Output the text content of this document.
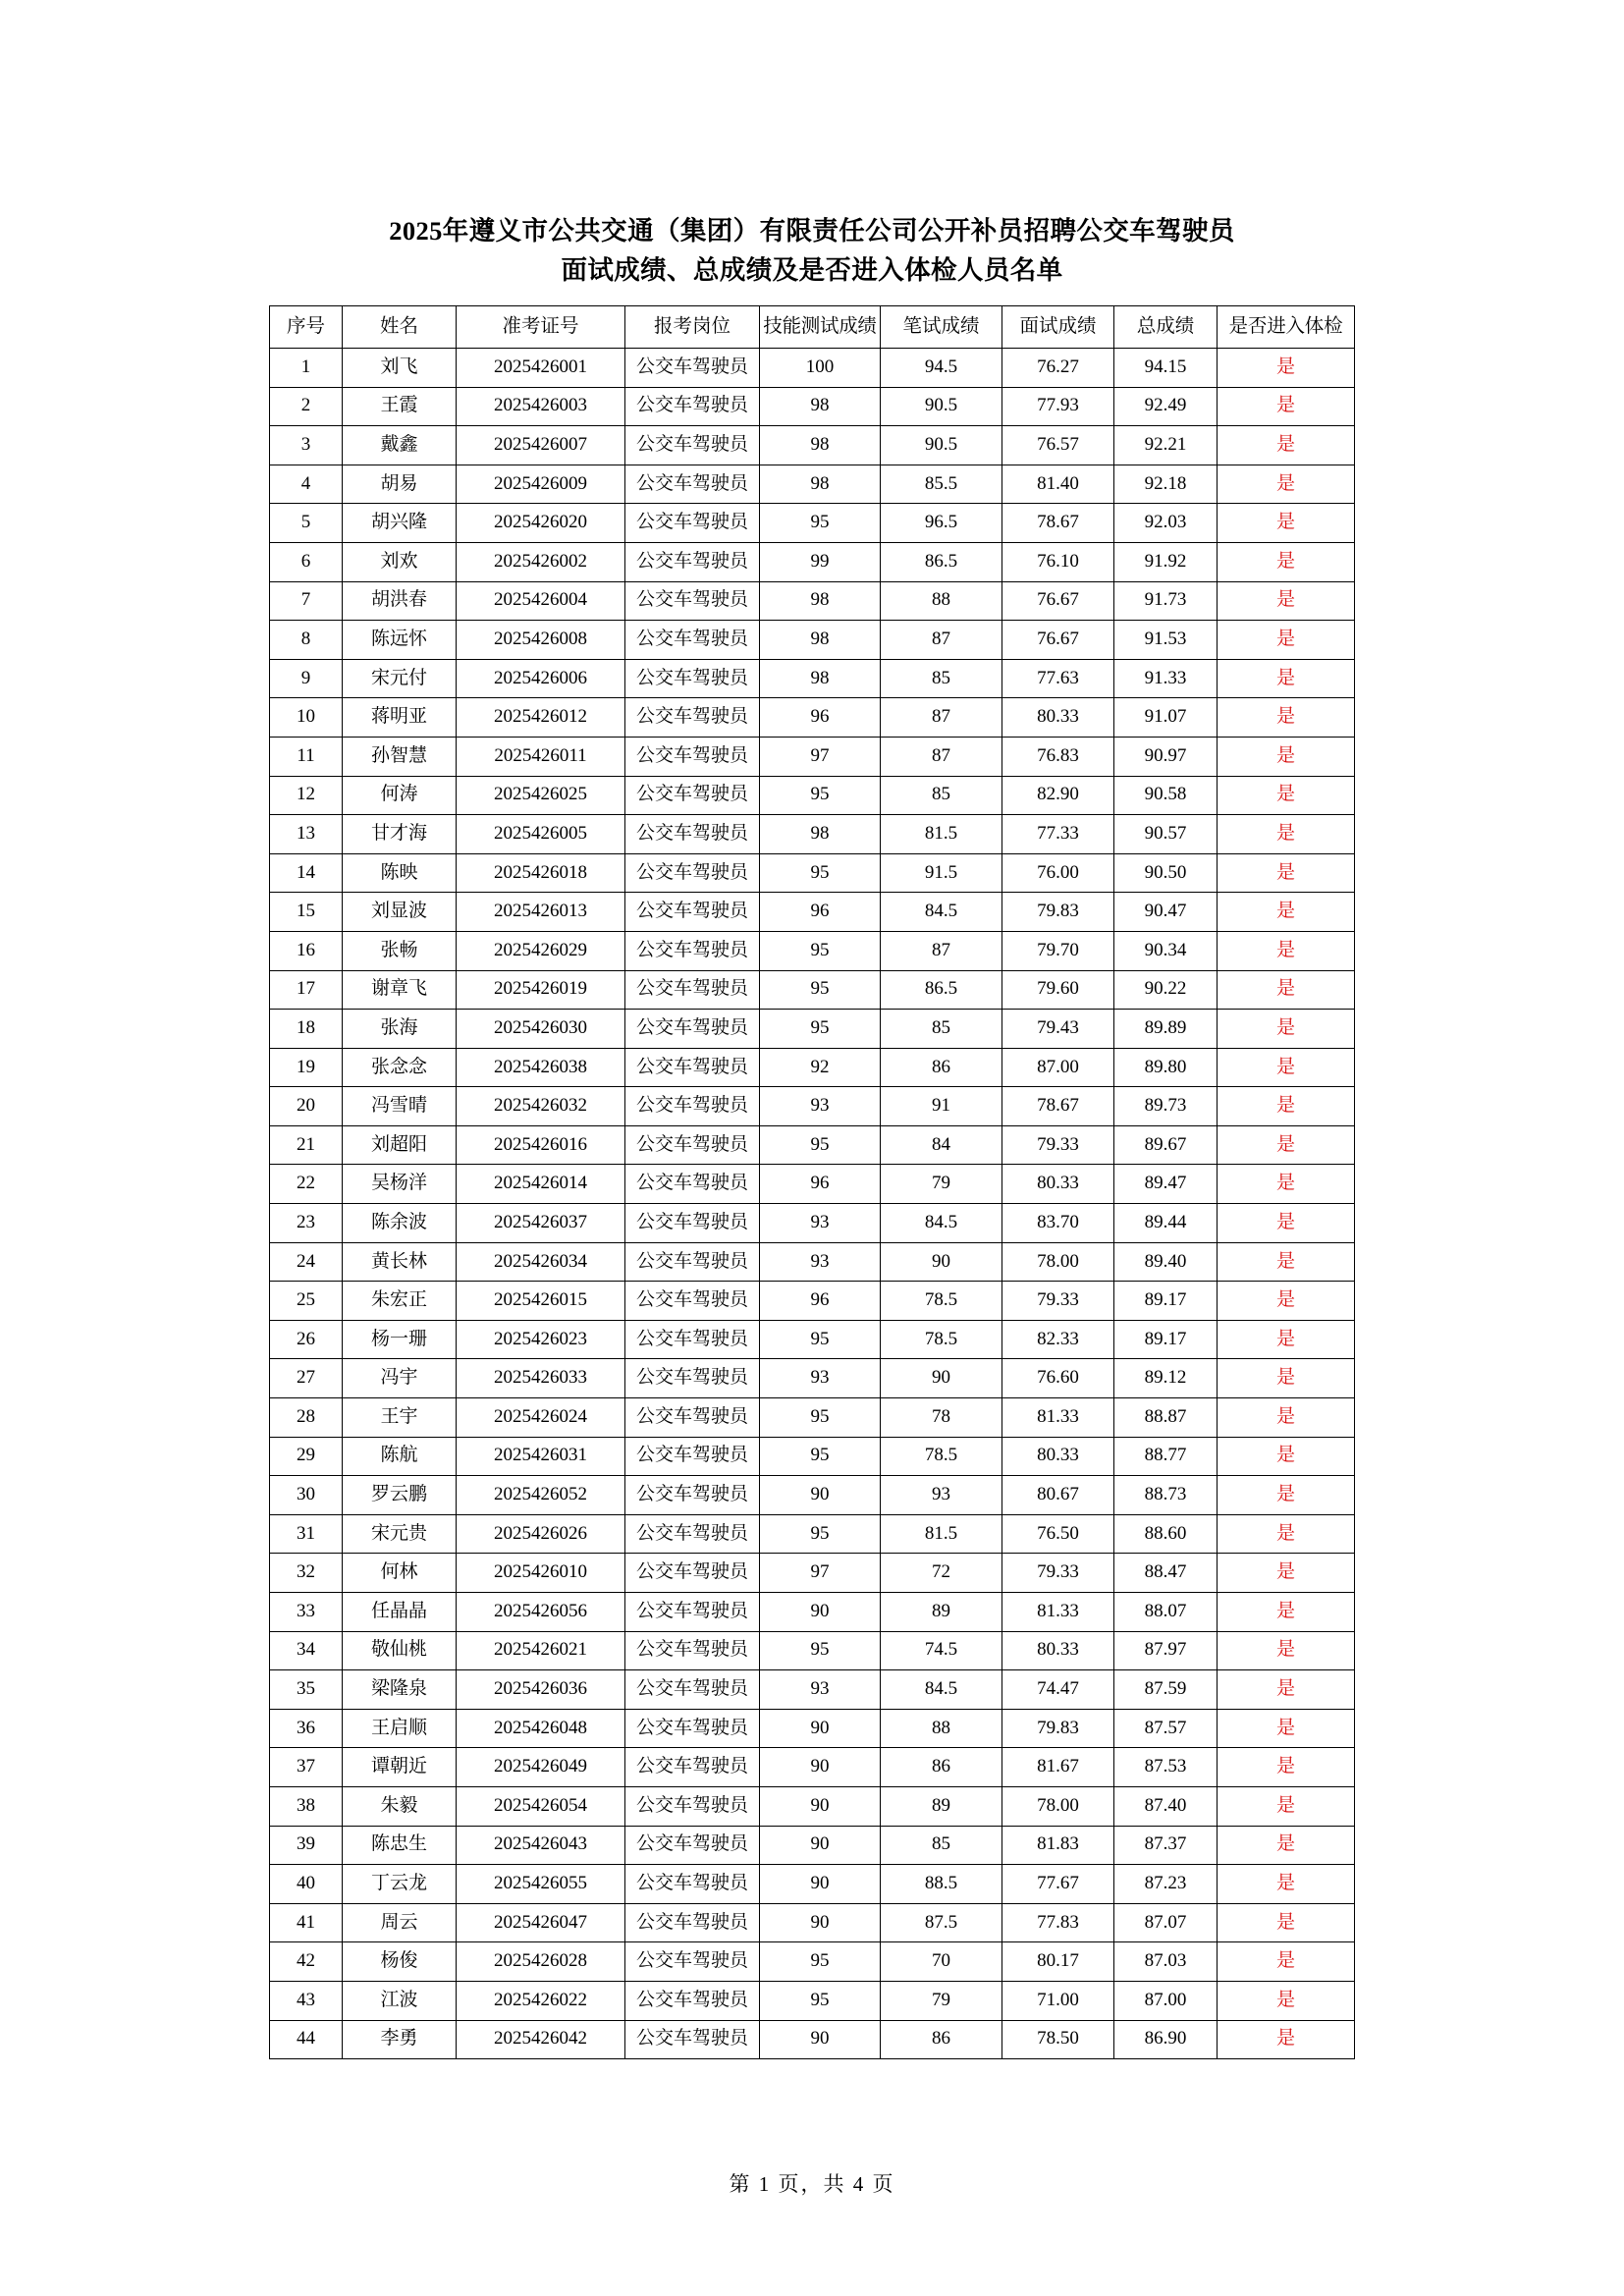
2025年遵义市公共交通（集团）有限责任公司公开补员招聘公交车驾驶员
面试成绩、总成绩及是否进入体检人员名单
序号	姓名	准考证号	报考岗位	技能测试成绩	笔试成绩	面试成绩	总成绩	是否进入体检
1	刘飞	2025426001	公交车驾驶员	100	94.5	76.27	94.15	是
2	王霞	2025426003	公交车驾驶员	98	90.5	77.93	92.49	是
3	戴鑫	2025426007	公交车驾驶员	98	90.5	76.57	92.21	是
4	胡易	2025426009	公交车驾驶员	98	85.5	81.40	92.18	是
5	胡兴隆	2025426020	公交车驾驶员	95	96.5	78.67	92.03	是
6	刘欢	2025426002	公交车驾驶员	99	86.5	76.10	91.92	是
7	胡洪春	2025426004	公交车驾驶员	98	88	76.67	91.73	是
8	陈远怀	2025426008	公交车驾驶员	98	87	76.67	91.53	是
9	宋元付	2025426006	公交车驾驶员	98	85	77.63	91.33	是
10	蒋明亚	2025426012	公交车驾驶员	96	87	80.33	91.07	是
11	孙智慧	2025426011	公交车驾驶员	97	87	76.83	90.97	是
12	何涛	2025426025	公交车驾驶员	95	85	82.90	90.58	是
13	甘才海	2025426005	公交车驾驶员	98	81.5	77.33	90.57	是
14	陈映	2025426018	公交车驾驶员	95	91.5	76.00	90.50	是
15	刘显波	2025426013	公交车驾驶员	96	84.5	79.83	90.47	是
16	张畅	2025426029	公交车驾驶员	95	87	79.70	90.34	是
17	谢章飞	2025426019	公交车驾驶员	95	86.5	79.60	90.22	是
18	张海	2025426030	公交车驾驶员	95	85	79.43	89.89	是
19	张念念	2025426038	公交车驾驶员	92	86	87.00	89.80	是
20	冯雪晴	2025426032	公交车驾驶员	93	91	78.67	89.73	是
21	刘超阳	2025426016	公交车驾驶员	95	84	79.33	89.67	是
22	吴杨洋	2025426014	公交车驾驶员	96	79	80.33	89.47	是
23	陈余波	2025426037	公交车驾驶员	93	84.5	83.70	89.44	是
24	黄长林	2025426034	公交车驾驶员	93	90	78.00	89.40	是
25	朱宏正	2025426015	公交车驾驶员	96	78.5	79.33	89.17	是
26	杨一珊	2025426023	公交车驾驶员	95	78.5	82.33	89.17	是
27	冯宇	2025426033	公交车驾驶员	93	90	76.60	89.12	是
28	王宇	2025426024	公交车驾驶员	95	78	81.33	88.87	是
29	陈航	2025426031	公交车驾驶员	95	78.5	80.33	88.77	是
30	罗云鹏	2025426052	公交车驾驶员	90	93	80.67	88.73	是
31	宋元贵	2025426026	公交车驾驶员	95	81.5	76.50	88.60	是
32	何林	2025426010	公交车驾驶员	97	72	79.33	88.47	是
33	任晶晶	2025426056	公交车驾驶员	90	89	81.33	88.07	是
34	敬仙桃	2025426021	公交车驾驶员	95	74.5	80.33	87.97	是
35	梁隆泉	2025426036	公交车驾驶员	93	84.5	74.47	87.59	是
36	王启顺	2025426048	公交车驾驶员	90	88	79.83	87.57	是
37	谭朝近	2025426049	公交车驾驶员	90	86	81.67	87.53	是
38	朱毅	2025426054	公交车驾驶员	90	89	78.00	87.40	是
39	陈忠生	2025426043	公交车驾驶员	90	85	81.83	87.37	是
40	丁云龙	2025426055	公交车驾驶员	90	88.5	77.67	87.23	是
41	周云	2025426047	公交车驾驶员	90	87.5	77.83	87.07	是
42	杨俊	2025426028	公交车驾驶员	95	70	80.17	87.03	是
43	江波	2025426022	公交车驾驶员	95	79	71.00	87.00	是
44	李勇	2025426042	公交车驾驶员	90	86	78.50	86.90	是
第 1 页，共 4 页
